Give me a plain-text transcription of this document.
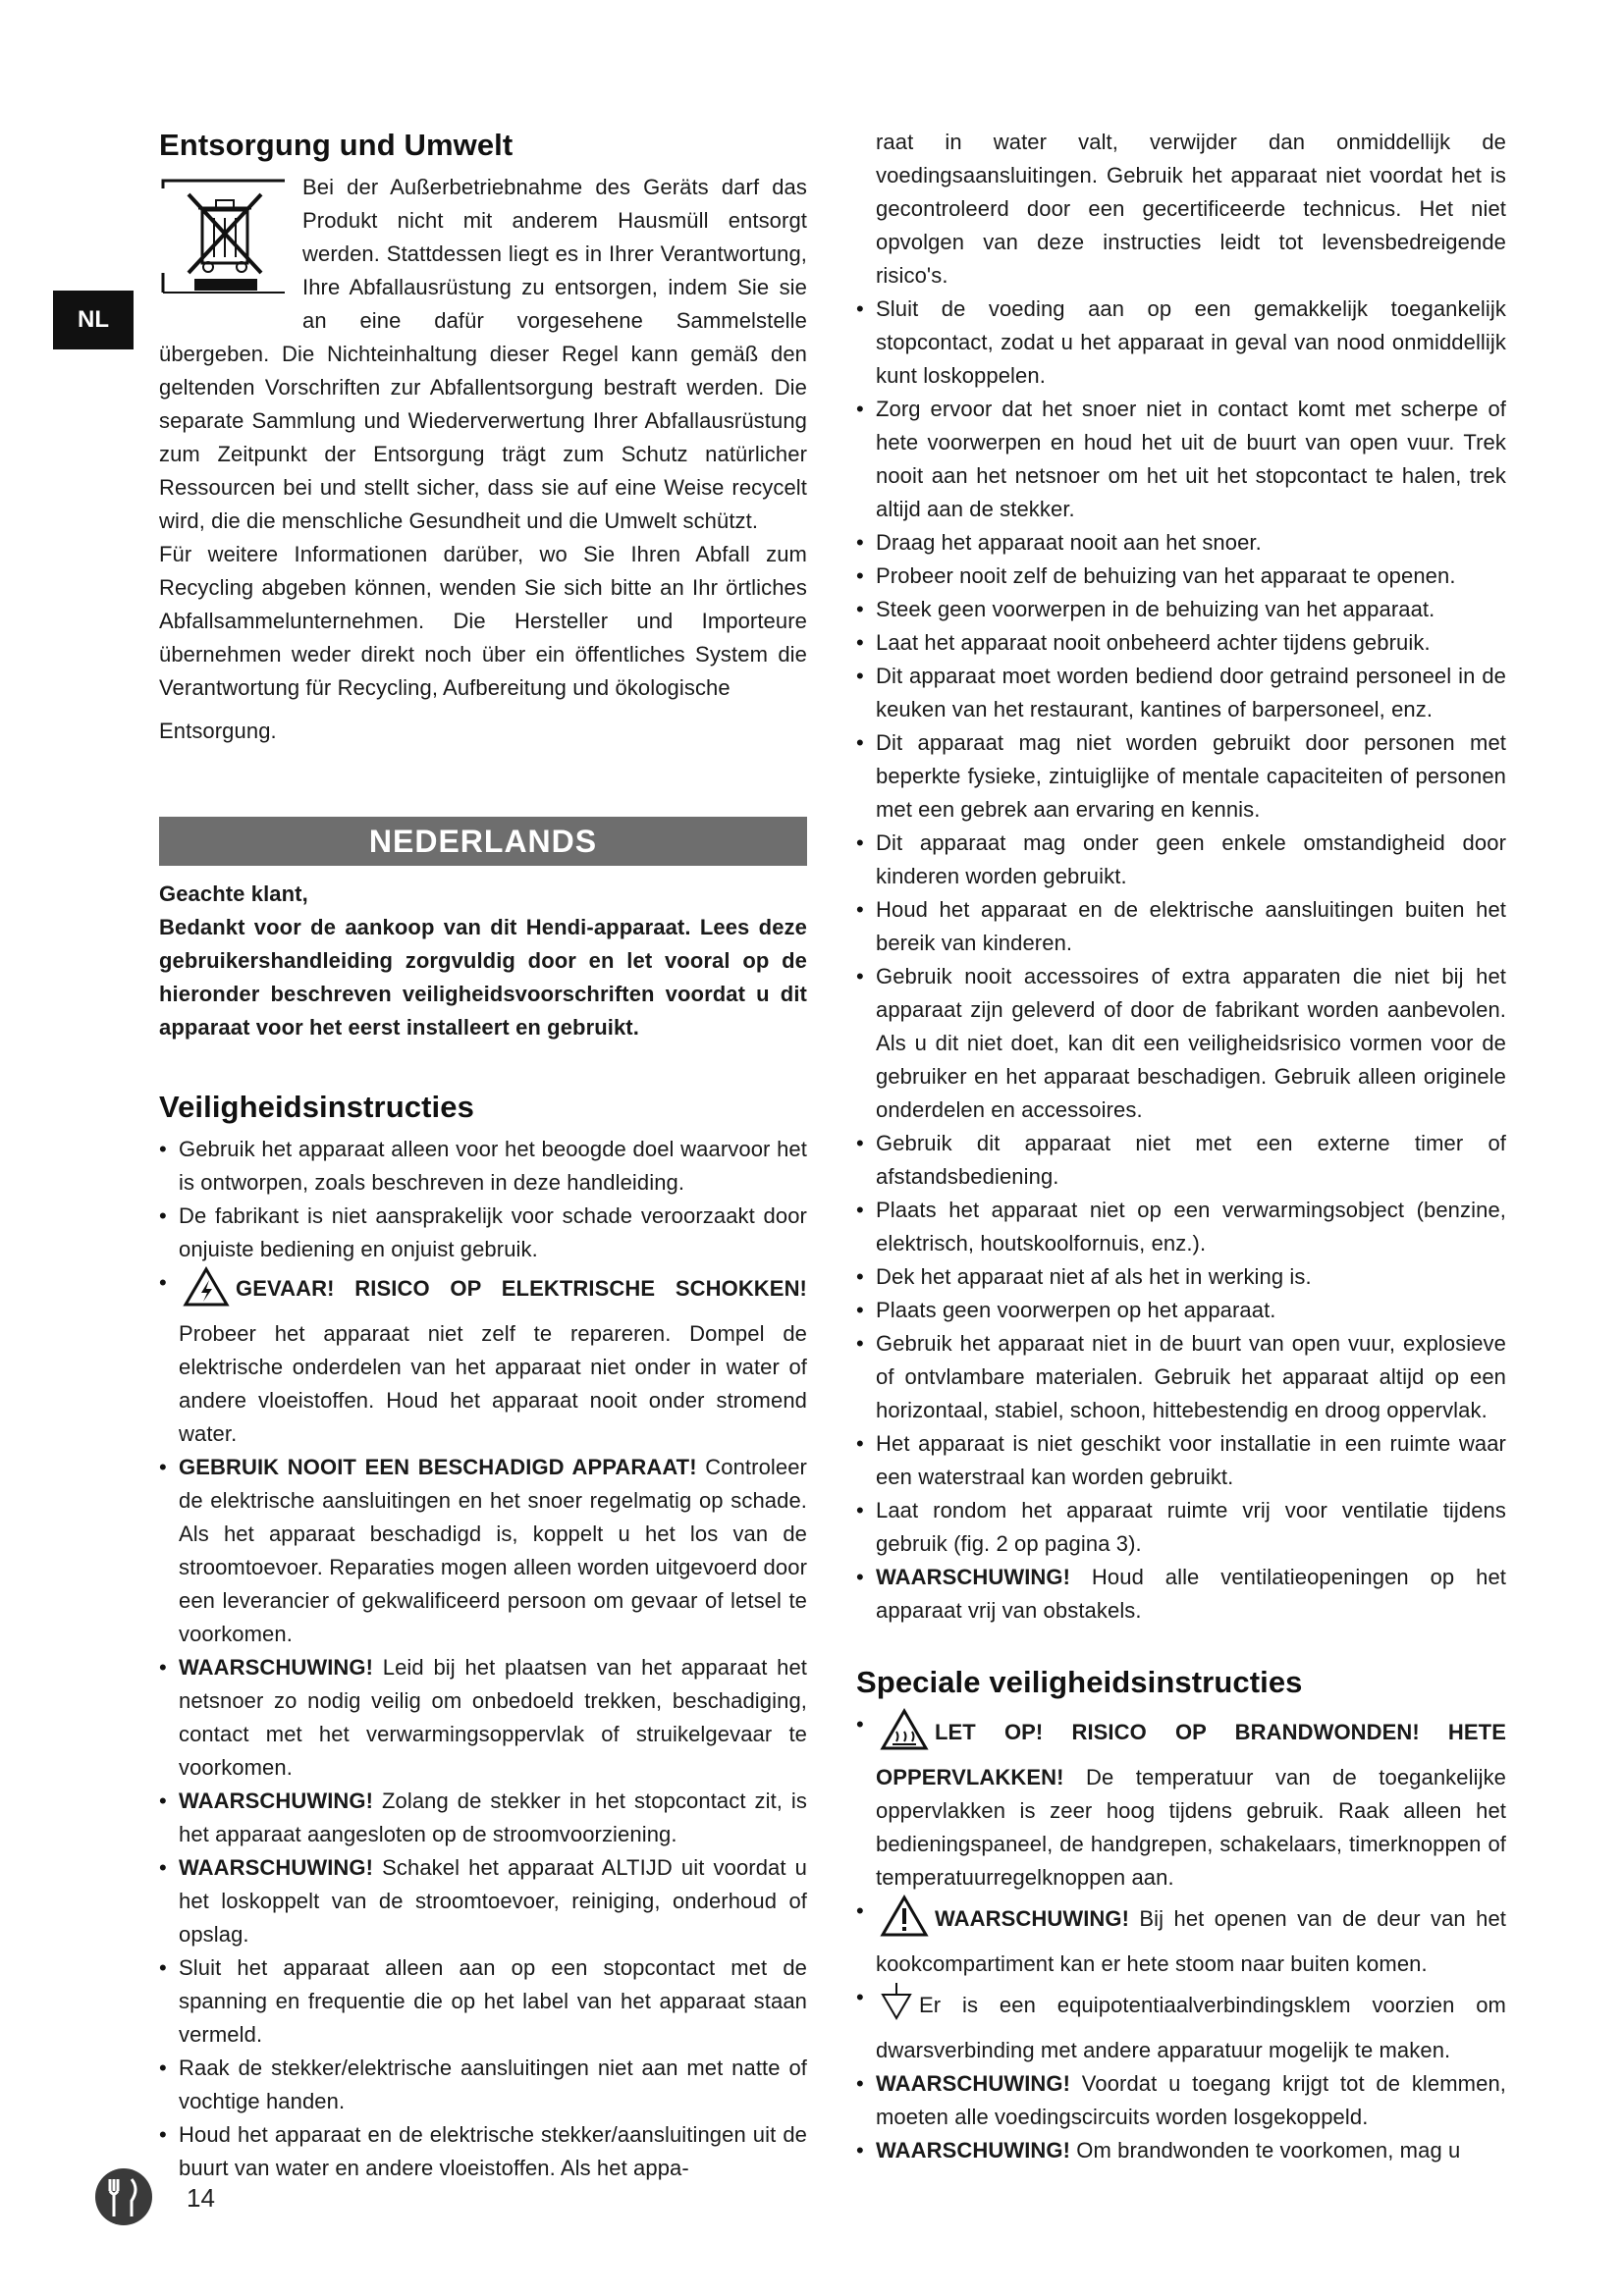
NL
Entsorgung und Umwelt

Bei der Außerbetriebnahme des Geräts darf das Produkt nicht mit anderem Hausmüll entsorgt werden. Stattdessen liegt es in Ihrer Verantwortung, Ihre Abfallausrüstung zu entsorgen, indem Sie sie an eine dafür vorgesehene Sammelstelle übergeben. Die Nichteinhaltung dieser Regel kann gemäß den geltenden Vorschriften zur Abfallentsorgung bestraft werden. Die separate Sammlung und Wiederverwertung Ihrer Abfallausrüstung zum Zeitpunkt der Entsorgung trägt zum Schutz natürlicher Ressourcen bei und stellt sicher, dass sie auf eine Weise recycelt wird, die die menschliche Gesundheit und die Umwelt schützt.

Für weitere Informationen darüber, wo Sie Ihren Abfall zum Recycling abgeben können, wenden Sie sich bitte an Ihr örtliches Abfallsammelunternehmen. Die Hersteller und Importeure übernehmen weder direkt noch über ein öffentliches System die Verantwortung für Recycling, Aufbereitung und ökologische

Entsorgung.

NEDERLANDS

Geachte klant,

Bedankt voor de aankoop van dit Hendi-apparaat. Lees deze gebruikershandleiding zorgvuldig door en let vooral op de hieronder beschreven veiligheidsvoorschriften voordat u dit apparaat voor het eerst installeert en gebruikt.

Veiligheidsinstructies
• Gebruik het apparaat alleen voor het beoogde doel waarvoor het is ontworpen, zoals beschreven in deze handleiding.
• De fabrikant is niet aansprakelijk voor schade veroorzaakt door onjuiste bediening en onjuist gebruik.
• GEVAAR! RISICO OP ELEKTRISCHE SCHOKKEN! Probeer het apparaat niet zelf te repareren. Dompel de elektrische onderdelen van het apparaat niet onder in water of andere vloeistoffen. Houd het apparaat nooit onder stromend water.
• GEBRUIK NOOIT EEN BESCHADIGD APPARAAT! Controleer de elektrische aansluitingen en het snoer regelmatig op schade. Als het apparaat beschadigd is, koppelt u het los van de stroomtoevoer. Reparaties mogen alleen worden uitgevoerd door een leverancier of gekwalificeerd persoon om gevaar of letsel te voorkomen.
• WAARSCHUWING! Leid bij het plaatsen van het apparaat het netsnoer zo nodig veilig om onbedoeld trekken, beschadiging, contact met het verwarmingsoppervlak of struikelgevaar te voorkomen.
• WAARSCHUWING! Zolang de stekker in het stopcontact zit, is het apparaat aangesloten op de stroomvoorziening.
• WAARSCHUWING! Schakel het apparaat ALTIJD uit voordat u het loskoppelt van de stroomtoevoer, reiniging, onderhoud of opslag.
• Sluit het apparaat alleen aan op een stopcontact met de spanning en frequentie die op het label van het apparaat staan vermeld.
• Raak de stekker/elektrische aansluitingen niet aan met natte of vochtige handen.
• Houd het apparaat en de elektrische stekker/aansluitingen uit de buurt van water en andere vloeistoffen. Als het appa-

raat in water valt, verwijder dan onmiddellijk de voedingsaansluitingen. Gebruik het apparaat niet voordat het is gecontroleerd door een gecertificeerde technicus. Het niet opvolgen van deze instructies leidt tot levensbedreigende risico's.

• Sluit de voeding aan op een gemakkelijk toegankelijk stopcontact, zodat u het apparaat in geval van nood onmiddellijk kunt loskoppelen.
• Zorg ervoor dat het snoer niet in contact komt met scherpe of hete voorwerpen en houd het uit de buurt van open vuur. Trek nooit aan het netsnoer om het uit het stopcontact te halen, trek altijd aan de stekker.
• Draag het apparaat nooit aan het snoer.
• Probeer nooit zelf de behuizing van het apparaat te openen.
• Steek geen voorwerpen in de behuizing van het apparaat.
• Laat het apparaat nooit onbeheerd achter tijdens gebruik.
• Dit apparaat moet worden bediend door getraind personeel in de keuken van het restaurant, kantines of barpersoneel, enz.
• Dit apparaat mag niet worden gebruikt door personen met beperkte fysieke, zintuiglijke of mentale capaciteiten of personen met een gebrek aan ervaring en kennis.
• Dit apparaat mag onder geen enkele omstandigheid door kinderen worden gebruikt.
• Houd het apparaat en de elektrische aansluitingen buiten het bereik van kinderen.
• Gebruik nooit accessoires of extra apparaten die niet bij het apparaat zijn geleverd of door de fabrikant worden aanbevolen. Als u dit niet doet, kan dit een veiligheidsrisico vormen voor de gebruiker en het apparaat beschadigen. Gebruik alleen originele onderdelen en accessoires.
• Gebruik dit apparaat niet met een externe timer of afstandsbediening.
• Plaats het apparaat niet op een verwarmingsobject (benzine, elektrisch, houtskoolfornuis, enz.).
• Dek het apparaat niet af als het in werking is.
• Plaats geen voorwerpen op het apparaat.
• Gebruik het apparaat niet in de buurt van open vuur, explosieve of ontvlambare materialen. Gebruik het apparaat altijd op een horizontaal, stabiel, schoon, hittebestendig en droog oppervlak.
• Het apparaat is niet geschikt voor installatie in een ruimte waar een waterstraal kan worden gebruikt.
• Laat rondom het apparaat ruimte vrij voor ventilatie tijdens gebruik (fig. 2 op pagina 3).
• WAARSCHUWING! Houd alle ventilatieopeningen op het apparaat vrij van obstakels.
Speciale veiligheidsinstructies
• LET OP! RISICO OP BRANDWONDEN! HETE OPPERVLAKKEN! De temperatuur van de toegankelijke oppervlakken is zeer hoog tijdens gebruik. Raak alleen het bedieningspaneel, de handgrepen, schakelaars, timerknoppen of temperatuurregelknoppen aan.
• WAARSCHUWING! Bij het openen van de deur van het kookcompartiment kan er hete stoom naar buiten komen.
• Er is een equipotentiaalverbindingsklem voorzien om dwarsverbinding met andere apparatuur mogelijk te maken.
• WAARSCHUWING! Voordat u toegang krijgt tot de klemmen, moeten alle voedingscircuits worden losgekoppeld.
• WAARSCHUWING! Om brandwonden te voorkomen, mag u
14
